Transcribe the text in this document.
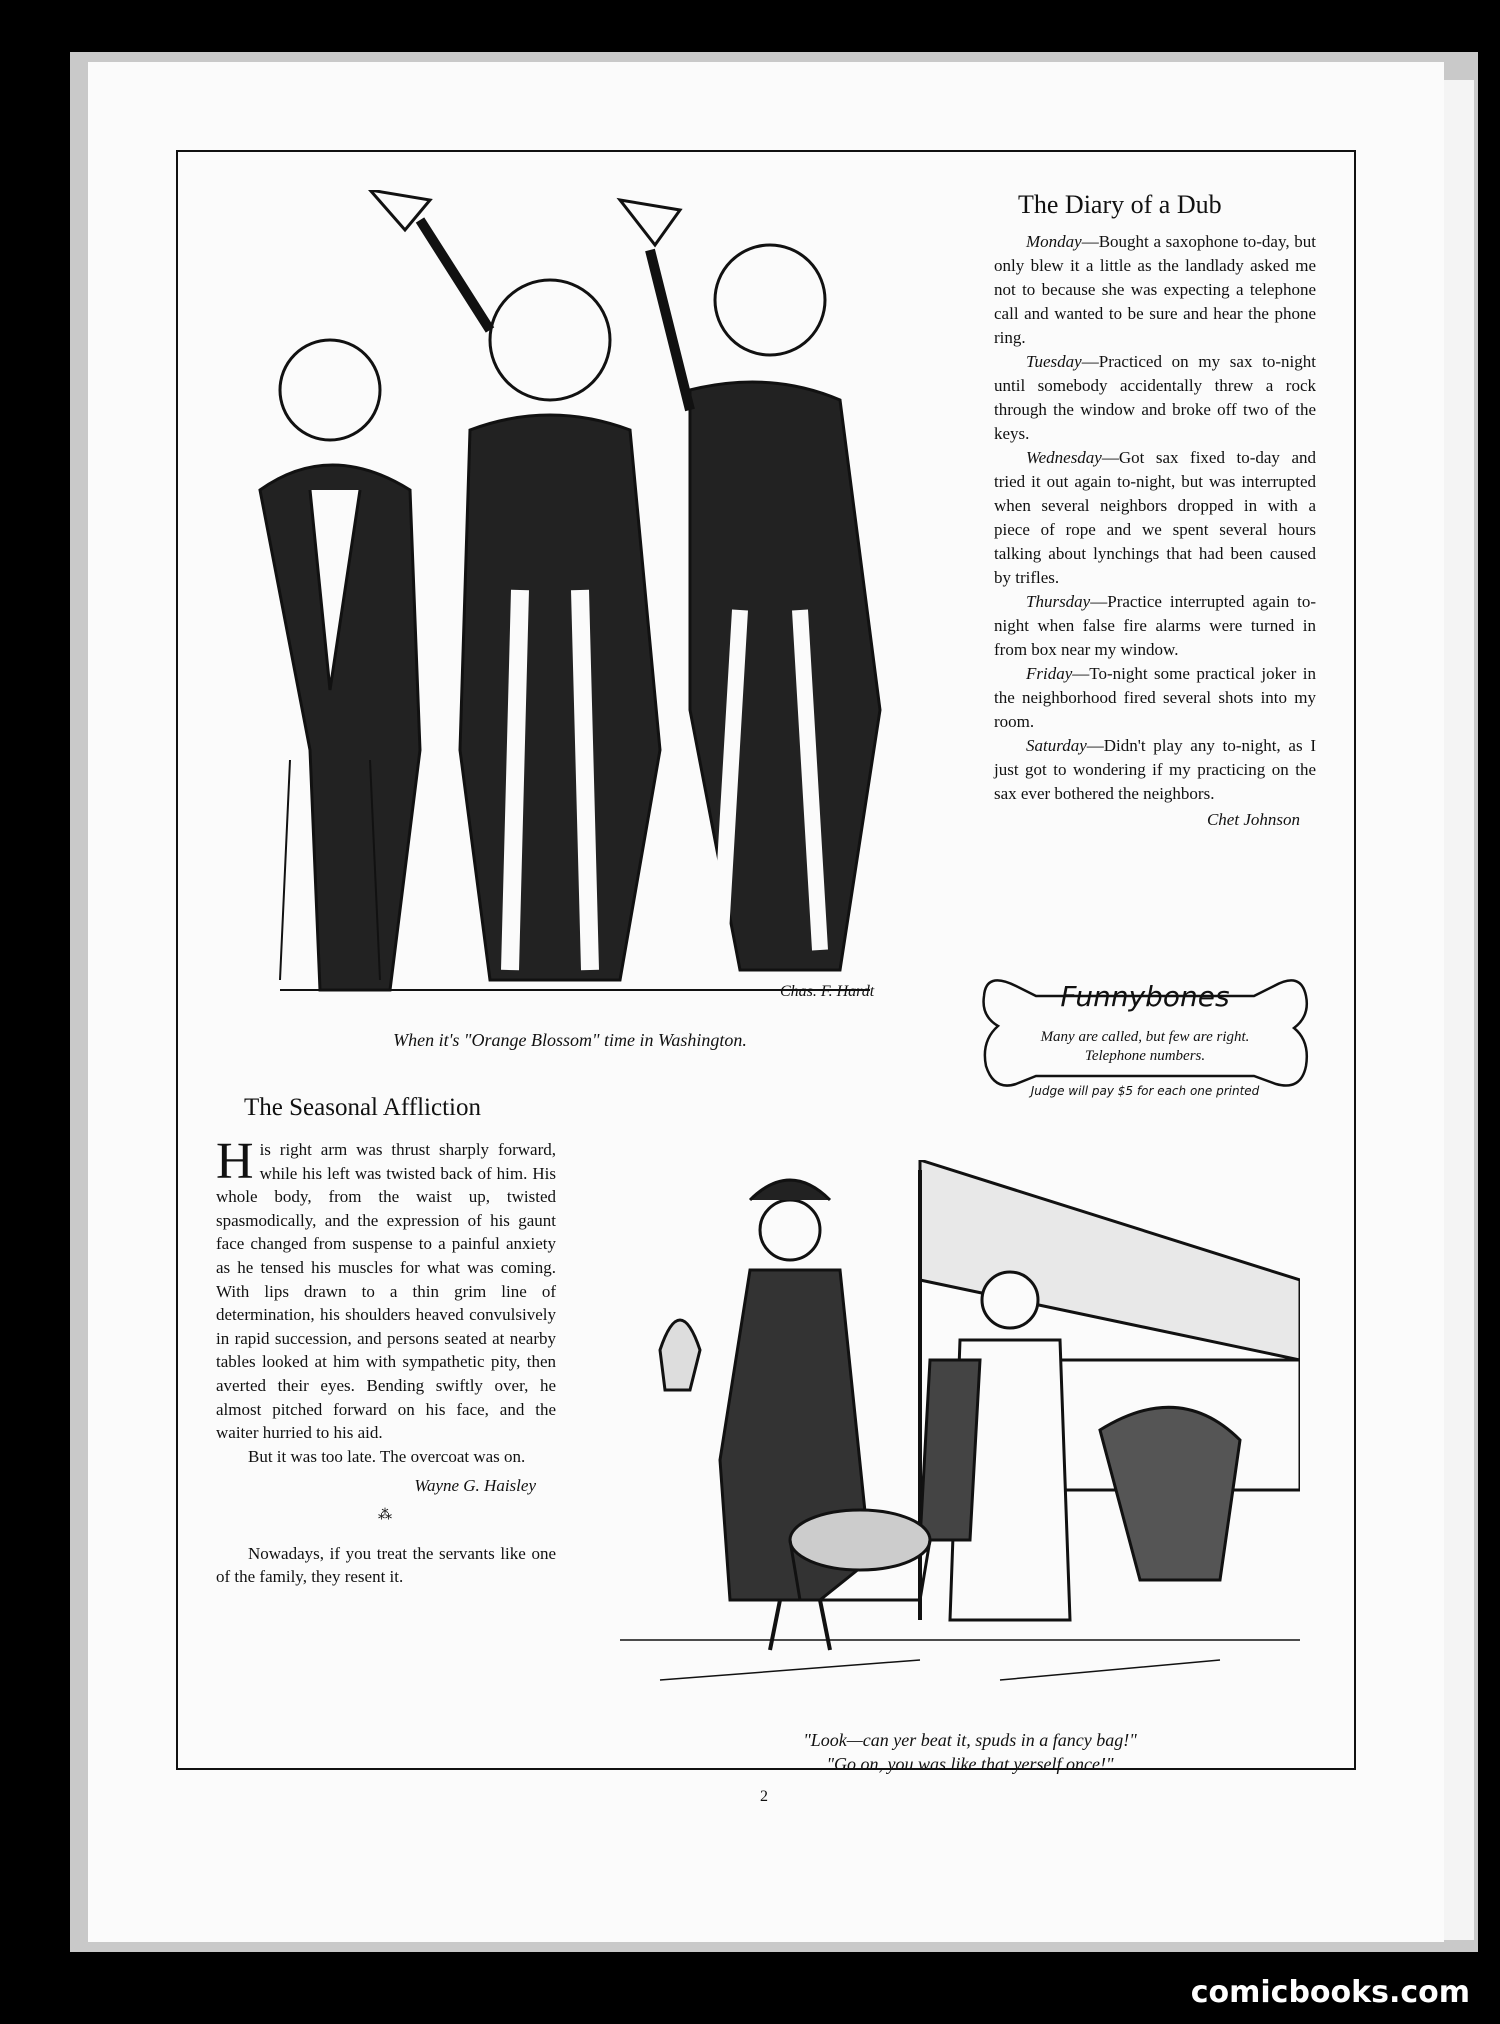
Chas. F. Hardt
When it's "Orange Blossom" time in Washington.
The Diary of a Dub

Monday—Bought a saxophone to-day, but only blew it a little as the landlady asked me not to because she was expecting a telephone call and wanted to be sure and hear the phone ring.

Tuesday—Practiced on my sax to-night until somebody accidentally threw a rock through the window and broke off two of the keys.

Wednesday—Got sax fixed to-day and tried it out again to-night, but was interrupted when several neighbors dropped in with a piece of rope and we spent several hours talking about lynchings that had been caused by trifles.

Thursday—Practice interrupted again to-night when false fire alarms were turned in from box near my window.

Friday—To-night some practical joker in the neighborhood fired several shots into my room.

Saturday—Didn't play any to-night, as I just got to wondering if my practicing on the sax ever bothered the neighbors.

Chet Johnson

Funnybones
Many are called, but few are right.
Telephone numbers.
Judge will pay $5 for each one printed
The Seasonal Affliction

His right arm was thrust sharply forward, while his left was twisted back of him. His whole body, from the waist up, twisted spasmodically, and the expression of his gaunt face changed from suspense to a painful anxiety as he tensed his muscles for what was coming. With lips drawn to a thin grim line of determination, his shoulders heaved convulsively in rapid succession, and persons seated at nearby tables looked at him with sympathetic pity, then averted their eyes. Bending swiftly over, he almost pitched forward on his face, and the waiter hurried to his aid.

But it was too late. The overcoat was on.

Wayne G. Haisley

⁂

Nowadays, if you treat the servants like one of the family, they resent it.

"Look—can yer beat it, spuds in a fancy bag!"
"Go on, you was like that yerself once!"
2
comicbooks.com
